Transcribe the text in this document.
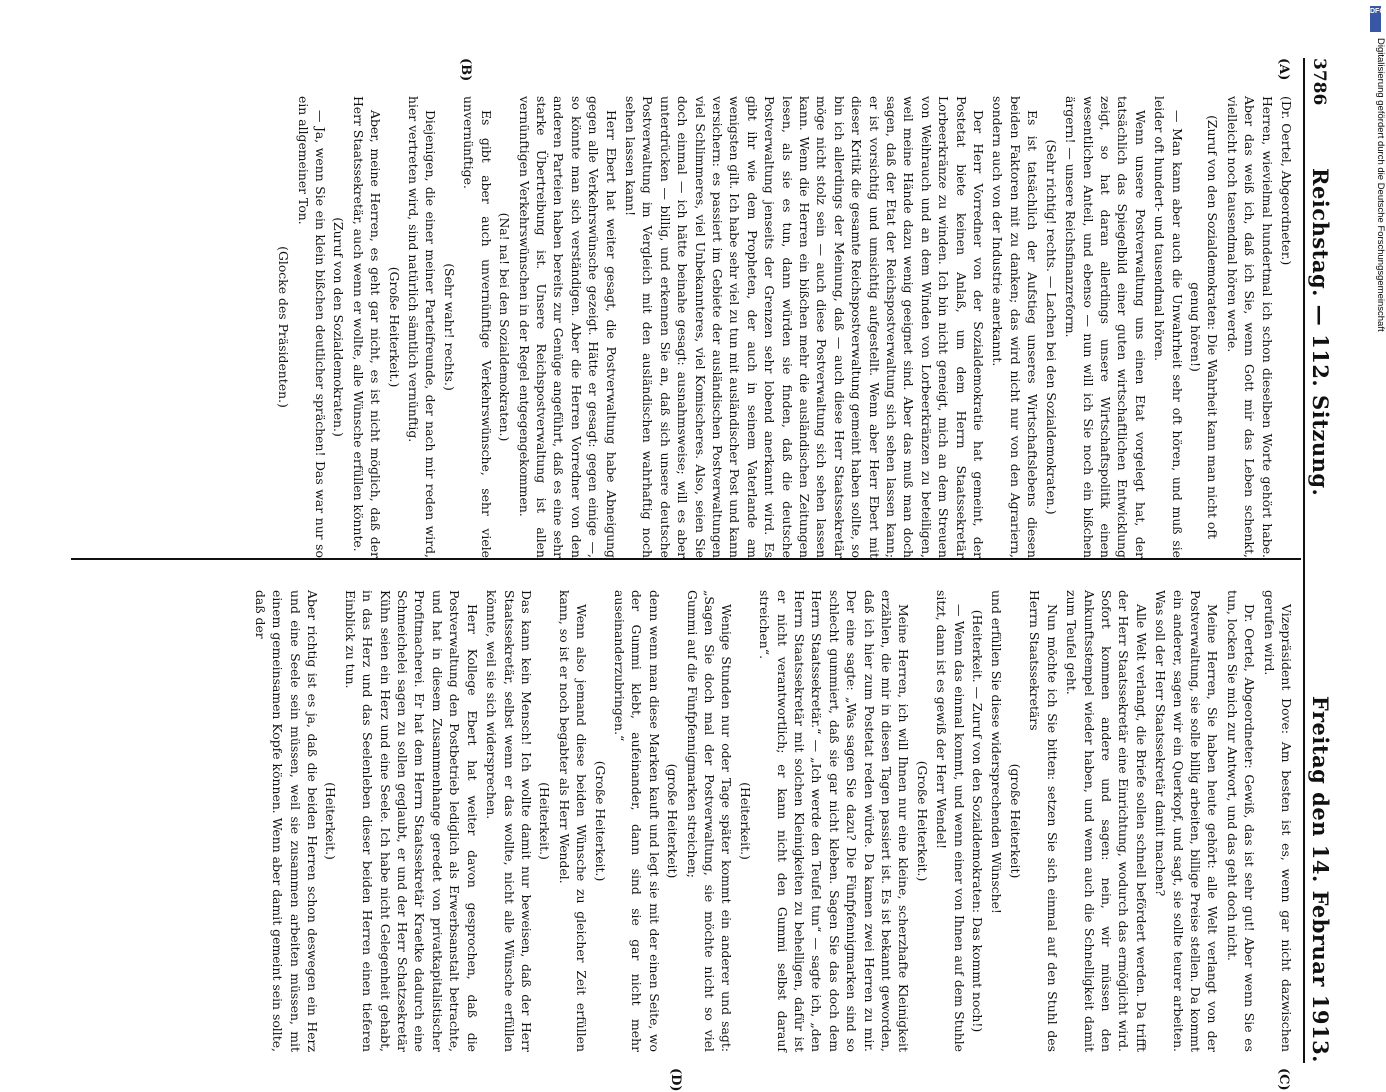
3786
Reichstag. — 112. Sitzung.
Freitag den 14. Februar 1913.
(A)
(B)
(C)
(D)

(Dr. Oertel, Abgeordneter.)

Herren, wievielmal hundertmal ich schon dieselben Worte gehört habe. Aber das weiß ich, daß ich Sie, wenn Gott mir das Leben schenkt, vielleicht noch tausendmal hören werde.

(Zuruf von den Sozialdemokraten: Die Wahrheit kann man nicht oft genug hören!)

— Man kann aber auch die Unwahrheit sehr oft hören, und muß sie leider oft hundert- und tausendmal hören.

Wenn unsere Postverwaltung uns einen Etat vorgelegt hat, der tatsächlich das Spiegelbild einer guten wirtschaftlichen Entwicklung zeigt, so hat daran allerdings unsere Wirtschaftspolitik einen wesentlichen Anteil, und ebenso — nun will ich Sie noch ein bißchen ärgern! — unsere Reichsfinanzreform.

(Sehr richtig! rechts. — Lachen bei den Sozialdemokraten.)

Es ist tatsächlich der Aufstieg unseres Wirtschaftslebens diesen beiden Faktoren mit zu danken; das wird nicht nur von den Agrariern, sondern auch von der Industrie anerkannt.

Der Herr Vorredner von der Sozialdemokratie hat gemeint, der Postetat biete keinen Anlaß, um dem Herrn Staatssekretär Lorbeerkränze zu winden. Ich bin nicht geneigt, mich an dem Streuen von Weihrauch und an dem Winden von Lorbeerkränzen zu beteiligen, weil meine Hände dazu wenig geeignet sind. Aber das muß man doch sagen, daß der Etat der Reichspostverwaltung sich sehen lassen kann; er ist vorsichtig und umsichtig aufgestellt. Wenn aber Herr Ebert mit dieser Kritik die gesamte Reichspostverwaltung gemeint haben sollte, so bin ich allerdings der Meinung, daß — auch diese Herr Staatssekretär möge nicht stolz sein — auch diese Postverwaltung sich sehen lassen kann. Wenn die Herren ein bißchen mehr die ausländischen Zeitungen lesen, als sie es tun, dann würden sie finden, daß die deutsche Postverwaltung jenseits der Grenzen sehr lobend anerkannt wird. Es gibt ihr wie dem Propheten, der auch in seinem Vaterlande am wenigsten gilt. Ich habe sehr viel zu tun mit ausländischer Post und kann versichern: es passiert im Gebiete der ausländischen Postverwaltungen viel Schlimmeres, viel Unbekannteres, viel Komischeres. Also, seien Sie doch einmal — ich hätte beinahe gesagt: ausnahmsweise; will es aber unterdrücken — billig, und erkennen Sie an, daß sich unsere deutsche Postverwaltung im Vergleich mit den ausländischen wahrhaftig noch sehen lassen kann!

Herr Ebert hat weiter gesagt, die Postverwaltung habe Abneigung gegen alle Verkehrswünsche gezeigt. Hätte er gesagt: gegen einige —, so könnte man sich verständigen. Aber die Herren Vorredner von den anderen Parteien haben bereits zur Genüge angeführt, daß es eine sehr starke Übertreibung ist. Unsere Reichspostverwaltung ist allen vernünftigen Verkehrswünschen in der Regel entgegengekommen.

(Na! na! bei den Sozialdemokraten.)

Es gibt aber auch unvernünftige Verkehrswünsche, sehr viele unvernünftige.

(Sehr wahr! rechts.)

Diejenigen, die einer meiner Parteifreunde, der nach mir reden wird, hier vertreten wird, sind natürlich sämtlich vernünftig.

(Große Heiterkeit.)

Aber, meine Herren, es geht gar nicht, es ist nicht möglich, daß der Herr Staatssekretär, auch wenn er wollte, alle Wünsche erfüllen könnte.

(Zuruf von den Sozialdemokraten.)

— Ja, wenn Sie ein klein bißchen deutlicher sprächen! Das war nur so ein allgemeiner Ton.

(Glocke des Präsidenten.)

Vizepräsident Dove: Am besten ist es, wenn gar nicht dazwischen gerufen wird.

Dr. Oertel, Abgeordneter: Gewiß, das ist sehr gut! Aber wenn Sie es tun, locken Sie mich zur Antwort, und das geht doch nicht.

Meine Herren, Sie haben heute gehört: alle Welt verlangt von der Postverwaltung, sie solle billig arbeiten, billige Preise stellen. Da kommt ein anderer, sagen wir ein Querkopf, und sagt, sie sollte teurer arbeiten. Was soll der Herr Staatssekretär damit machen?

Alle Welt verlangt, die Briefe sollen schnell befördert werden. Da trifft der Herr Staatssekretär eine Einrichtung, wodurch das ermöglicht wird. Sofort kommen andere und sagen: nein, wir müssen den Ankunftsstempel wieder haben, und wenn auch die Schnelligkeit damit zum Teufel geht.

Nun möchte ich Sie bitten: setzen Sie sich einmal auf den Stuhl des Herrn Staatssekretärs

(große Heiterkeit)

und erfüllen Sie diese widersprechenden Wünsche!

(Heiterkeit. — Zuruf von den Sozialdemokraten: Das kommt noch!)

— Wenn das einmal kommt, und wenn einer von Ihnen auf dem Stuhle sitzt, dann ist es gewiß der Herr Wendel!

(Große Heiterkeit.)

Meine Herren, ich will Ihnen nur eine kleine, scherzhafte Kleinigkeit erzählen, die mir in diesen Tagen passiert ist. Es ist bekannt geworden, daß ich hier zum Postetat reden würde. Da kamen zwei Herren zu mir. Der eine sagte: „Was sagen Sie dazu? Die Fünfpfennigmarken sind so schlecht gummiert, daß sie gar nicht kleben. Sagen Sie das doch dem Herrn Staatssekretär.“ — „Ich werde den Teufel tun“ — sagte ich, „den Herrn Staatssekretär mit solchen Kleinigkeiten zu behelligen, dafür ist er nicht verantwortlich; er kann nicht den Gummi selbst darauf streichen“.

(Heiterkeit.)

Wenige Stunden nur oder Tage später kommt ein anderer und sagt: „Sagen Sie doch mal der Postverwaltung, sie möchte nicht so viel Gummi auf die Fünfpfennigmarken streichen;

(große Heiterkeit)

denn wenn man diese Marken kauft und legt sie mit der einen Seite, wo der Gummi klebt, aufeinander, dann sind sie gar nicht mehr auseinanderzubringen.“

(Große Heiterkeit.)

Wenn also jemand diese beiden Wünsche zu gleicher Zeit erfüllen kann, so ist er noch begabter als Herr Wendel.

(Heiterkeit.)

Das kann kein Mensch! Ich wollte damit nur beweisen, daß der Herr Staatssekretär, selbst wenn er das wollte, nicht alle Wünsche erfüllen könnte, weil sie sich widersprechen.

Herr Kollege Ebert hat weiter davon gesprochen, daß die Postverwaltung den Postbetrieb lediglich als Erwerbsanstalt betrachte, und hat in diesem Zusammenhange geredet von privatkapitalistischer Profitmacherei. Er hat dem Herrn Staatssekretär Kraetke dadurch eine Schmeichelei sagen zu sollen geglaubt, er und der Herr Schatzsekretär Kühn seien ein Herz und eine Seele. Ich habe nicht Gelegenheit gehabt, in das Herz und das Seelenleben dieser beiden Herren einen tieferen Einblick zu tun.

(Heiterkeit.)

Aber richtig ist es ja, daß die beiden Herren schon deswegen ein Herz und eine Seele sein müssen, weil sie zusammen arbeiten müssen, mit einem gemeinsamen Kopfe können. Wenn aber damit gemeint sein sollte, daß der

DFG
Digitalisierung gefördert durch die Deutsche Forschungsgemeinschaft
